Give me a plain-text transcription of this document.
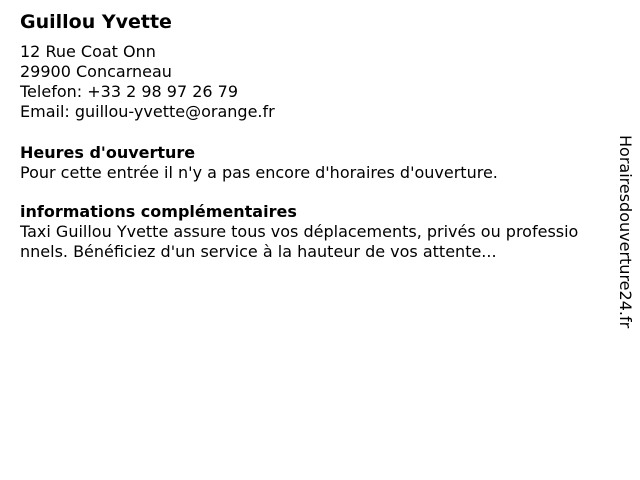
Guillou Yvette
12 Rue Coat Onn
29900 Concarneau
Telefon: +33 2 98 97 26 79
Email: guillou-yvette@orange.fr
Heures d'ouverture
Pour cette entrée il n'y a pas encore d'horaires d'ouverture.
informations complémentaires
Taxi Guillou Yvette assure tous vos déplacements, privés ou professionnels. Bénéficiez d'un service à la hauteur de vos attente...	Horairesdouverture24.fr
